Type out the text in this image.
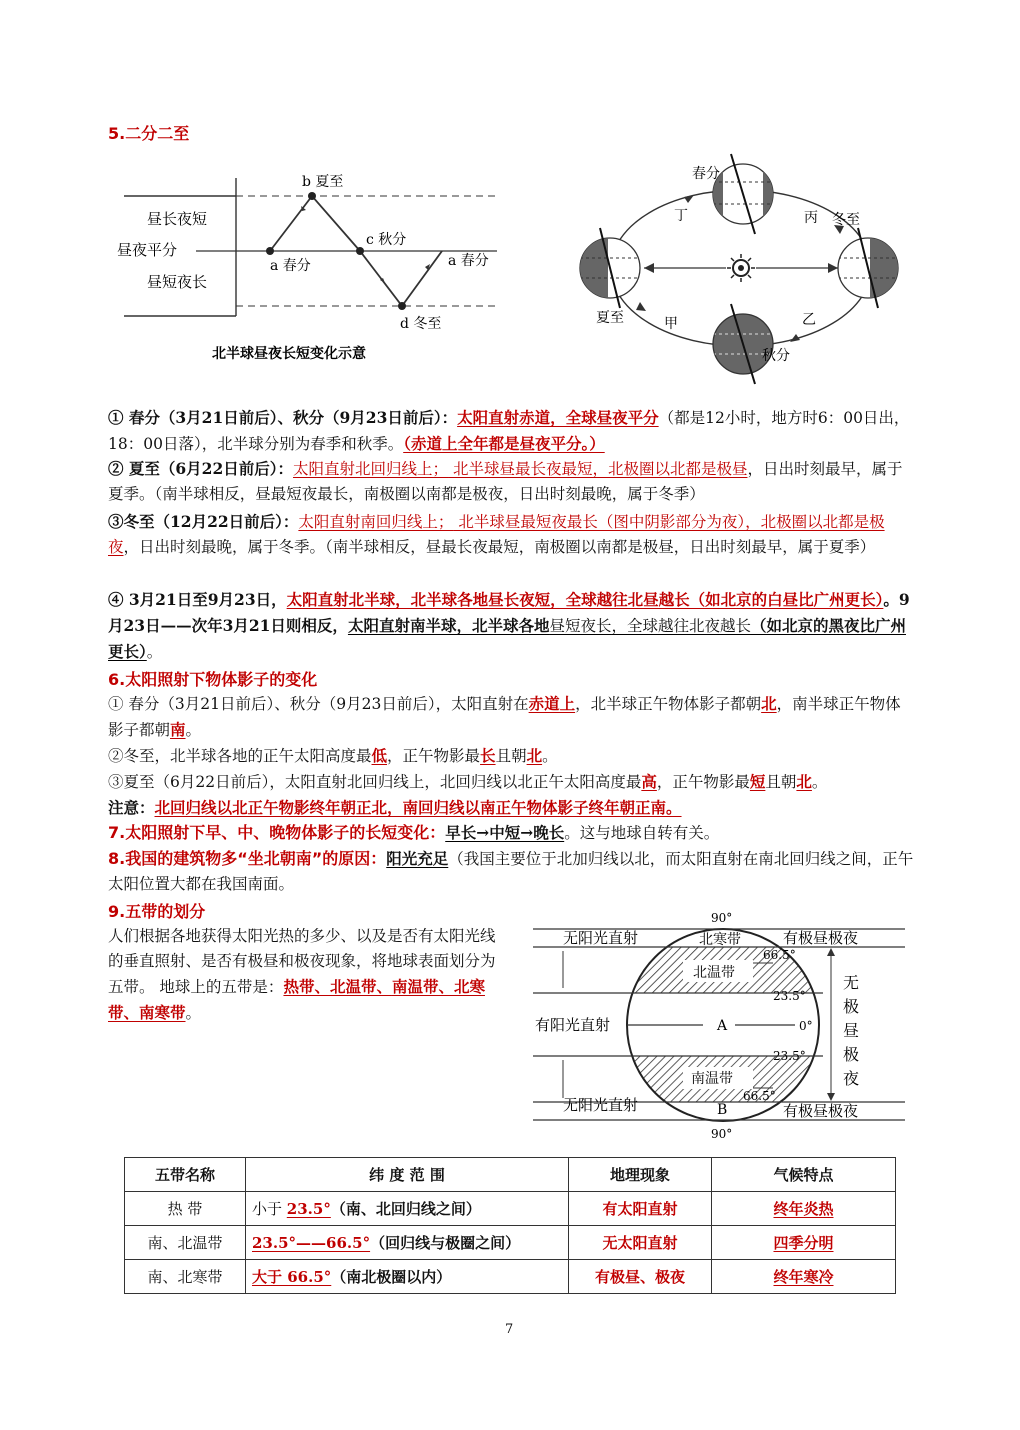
5.二分二至
昼长夜短
昼夜平分
昼短夜长
b 夏至
c 秋分
a 春分	a 春分
d 冬至
北半球昼夜长短变化示意
春分
冬至
夏至
秋分
丁	丙
甲	乙
① 春分（3月21日前后）、秋分（9月23日前后）：太阳直射赤道，全球昼夜平分（都是12小时，地方时6：00日出，18：00日落），北半球分别为春季和秋季。（赤道上全年都是昼夜平分。）
② 夏至（6月22日前后）：太阳直射北回归线上； 北半球昼最长夜最短，北极圈以北都是极昼，日出时刻最早，属于夏季。（南半球相反，昼最短夜最长，南极圈以南都是极夜，日出时刻最晚，属于冬季）
③冬至（12月22日前后）：太阳直射南回归线上； 北半球昼最短夜最长（图中阴影部分为夜），北极圈以北都是极夜，日出时刻最晚，属于冬季。（南半球相反，昼最长夜最短，南极圈以南都是极昼，日出时刻最早，属于夏季）
④ 3月21日至9月23日，太阳直射北半球，北半球各地昼长夜短，全球越往北昼越长（如北京的白昼比广州更长）。9月23日——次年3月21日则相反，太阳直射南半球，北半球各地昼短夜长，全球越往北夜越长（如北京的黑夜比广州更长）。
6.太阳照射下物体影子的变化
① 春分（3月21日前后）、秋分（9月23日前后），太阳直射在赤道上，北半球正午物体影子都朝北，南半球正午物体影子都朝南。
②冬至，北半球各地的正午太阳高度最低，正午物影最长且朝北。
③夏至（6月22日前后），太阳直射北回归线上，北回归线以北正午太阳高度最高，正午物影最短且朝北。
注意：北回归线以北正午物影终年朝正北，南回归线以南正午物体影子终年朝正南。
7.太阳照射下早、中、晚物体影子的长短变化：早长→中短→晚长。这与地球自转有关。
8.我国的建筑物多“坐北朝南”的原因：阳光充足（我国主要位于北加归线以北，而太阳直射在南北回归线之间，正午太阳位置大都在我国南面。
9.五带的划分
人们根据各地获得太阳光热的多少、以及是否有太阳光线的垂直照射、是否有极昼和极夜现象，将地球表面划分为五带。 地球上的五带是：热带、北温带、南温带、北寒带、南寒带。
90°
90°
北寒带
北温带
南温带
A
B
66.5°
23.5°
0°
23.5°
66.5°
无阳光直射
有阳光直射
无阳光直射
有极昼极夜
有极昼极夜
无
极
昼
极
夜
五带名称	纬 度 范 围	地理现象	气候特点
热 带	小于 23.5°（南、北回归线之间）	有太阳直射	终年炎热
南、北温带	23.5°——66.5°（回归线与极圈之间）	无太阳直射	四季分明
南、北寒带	大于 66.5°（南北极圈以内）	有极昼、极夜	终年寒冷
7
